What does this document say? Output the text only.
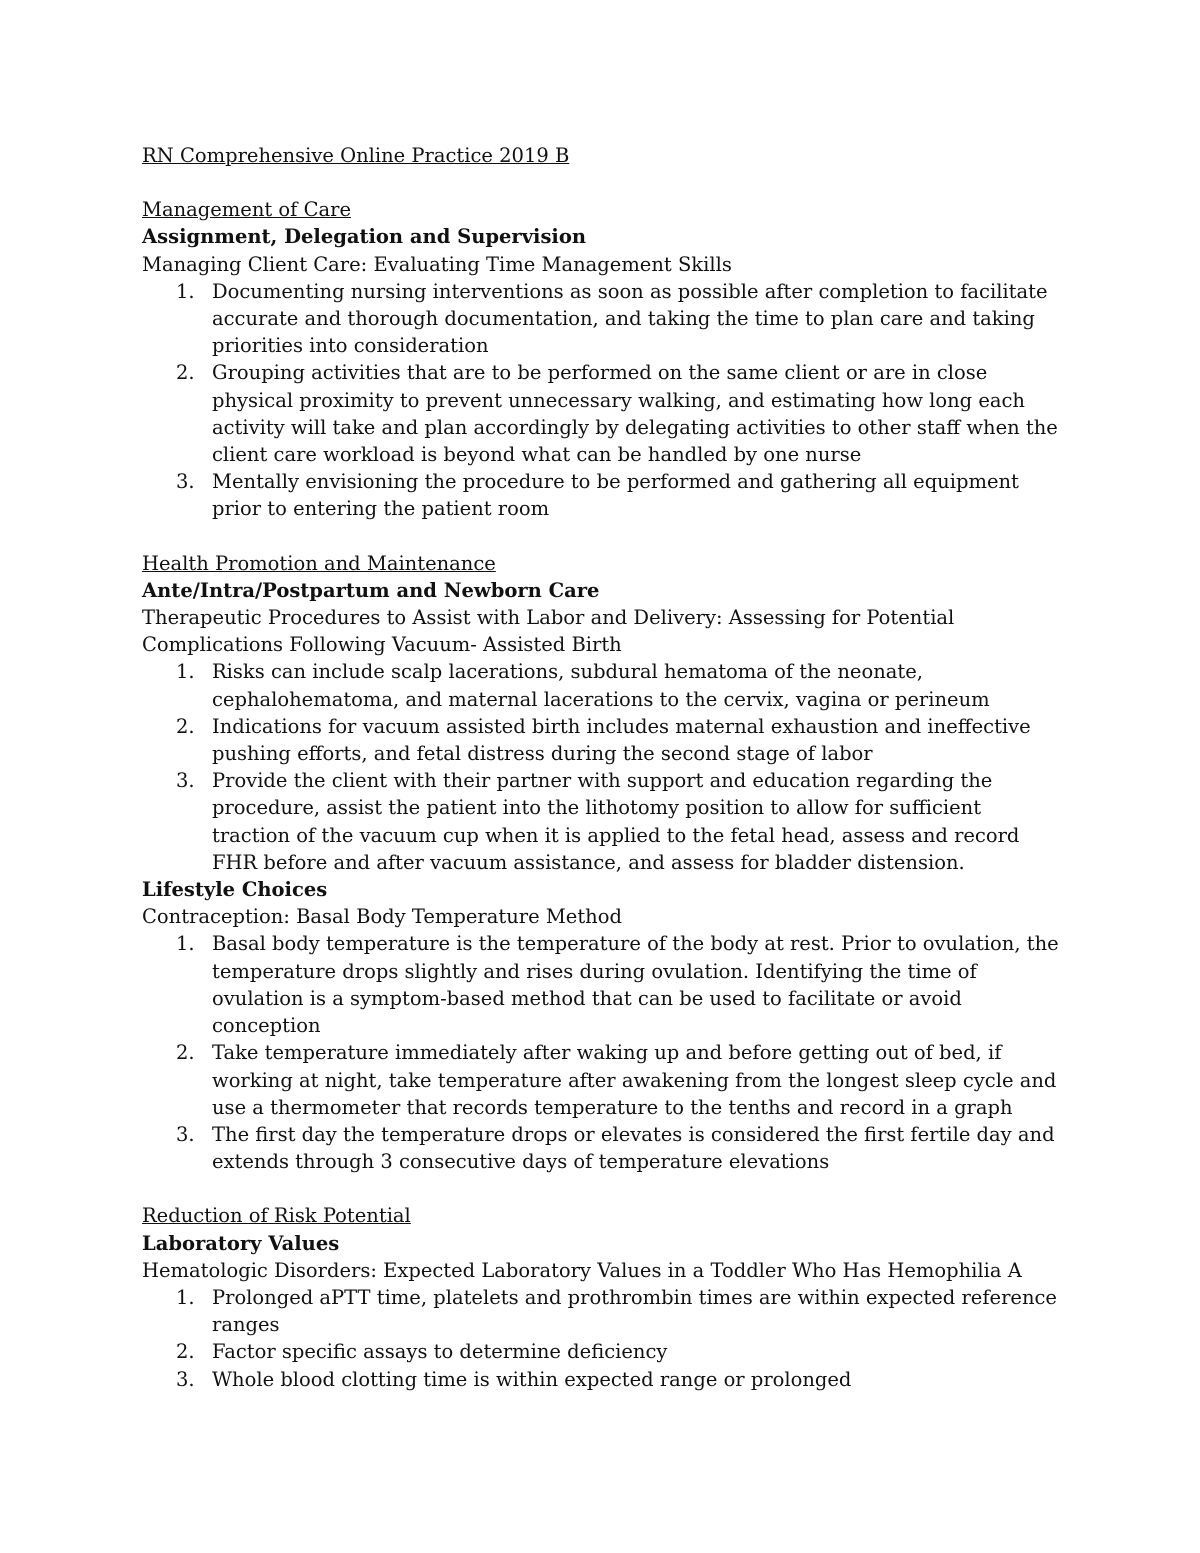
RN Comprehensive Online Practice 2019 B

Management of Care

Assignment, Delegation and Supervision

Managing Client Care: Evaluating Time Management Skills

1. Documenting nursing interventions as soon as possible after completion to facilitate accurate and thorough documentation, and taking the time to plan care and taking priorities into consideration
2. Grouping activities that are to be performed on the same client or are in close physical proximity to prevent unnecessary walking, and estimating how long each activity will take and plan accordingly by delegating activities to other staff when the client care workload is beyond what can be handled by one nurse
3. Mentally envisioning the procedure to be performed and gathering all equipment prior to entering the patient room

Health Promotion and Maintenance

Ante/Intra/Postpartum and Newborn Care

Therapeutic Procedures to Assist with Labor and Delivery: Assessing for Potential Complications Following Vacuum- Assisted Birth

1. Risks can include scalp lacerations, subdural hematoma of the neonate, cephalohematoma, and maternal lacerations to the cervix, vagina or perineum
2. Indications for vacuum assisted birth includes maternal exhaustion and ineffective pushing efforts, and fetal distress during the second stage of labor
3. Provide the client with their partner with support and education regarding the procedure, assist the patient into the lithotomy position to allow for sufficient traction of the vacuum cup when it is applied to the fetal head, assess and record FHR before and after vacuum assistance, and assess for bladder distension.

Lifestyle Choices

Contraception: Basal Body Temperature Method

1. Basal body temperature is the temperature of the body at rest. Prior to ovulation, the temperature drops slightly and rises during ovulation. Identifying the time of ovulation is a symptom-based method that can be used to facilitate or avoid conception
2. Take temperature immediately after waking up and before getting out of bed, if working at night, take temperature after awakening from the longest sleep cycle and use a thermometer that records temperature to the tenths and record in a graph
3. The first day the temperature drops or elevates is considered the first fertile day and extends through 3 consecutive days of temperature elevations

Reduction of Risk Potential

Laboratory Values

Hematologic Disorders: Expected Laboratory Values in a Toddler Who Has Hemophilia A

1. Prolonged aPTT time, platelets and prothrombin times are within expected reference ranges
2. Factor specific assays to determine deficiency
3. Whole blood clotting time is within expected range or prolonged
